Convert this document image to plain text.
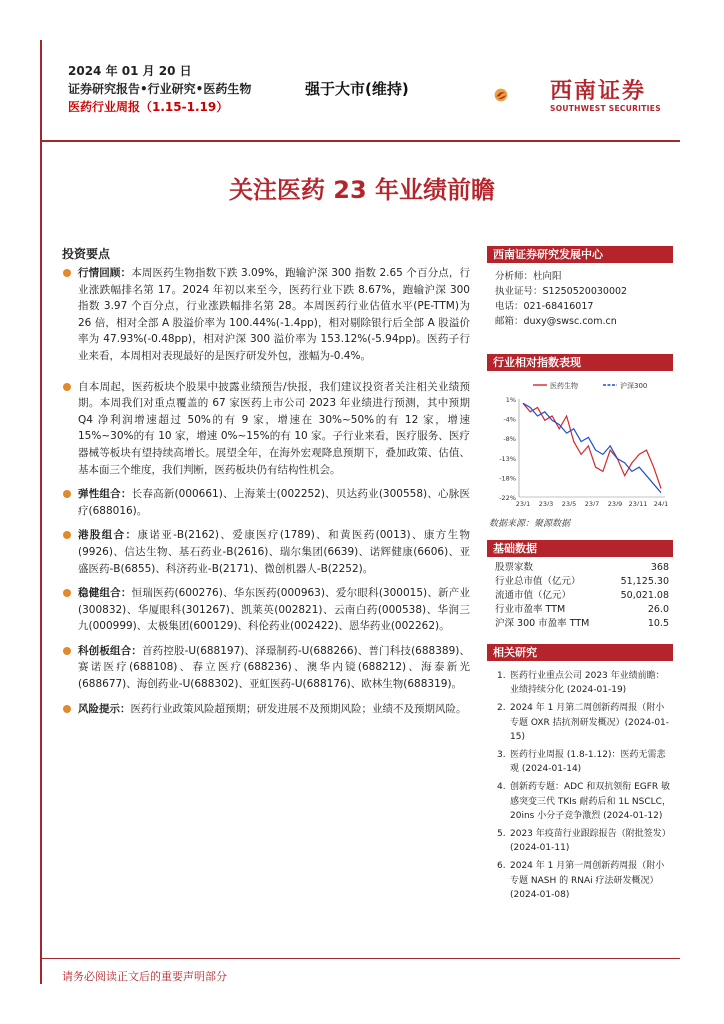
2024 年 01 月 20 日
证券研究报告•行业研究•医药生物
医药行业周报（1.15-1.19）
强于大市(维持)	西南证券
SOUTHWEST SECURITIES
关注医药 23 年业绩前瞻
投资要点
行情回顾：本周医药生物指数下跌 3.09%，跑输沪深 300 指数 2.65 个百分点，行业涨跌幅排名第 17。2024 年初以来至今，医药行业下跌 8.67%，跑输沪深 300 指数 3.97 个百分点，行业涨跌幅排名第 28。本周医药行业估值水平(PE-TTM)为 26 倍，相对全部 A 股溢价率为 100.44%(-1.4pp)，相对剔除银行后全部 A 股溢价率为 47.93%(-0.48pp)，相对沪深 300 溢价率为 153.12%(-5.94pp)。医药子行业来看，本周相对表现最好的是医疗研发外包，涨幅为-0.4%。
自本周起，医药板块个股果中披露业绩预告/快报，我们建议投资者关注相关业绩预期。本周我们对重点覆盖的 67 家医药上市公司 2023 年业绩进行预测，其中预期 Q4 净利润增速超过 50%的有 9 家，增速在 30%~50%的有 12 家，增速 15%~30%的有 10 家，增速 0%~15%的有 10 家。子行业来看，医疗服务、医疗器械等板块有望持续高增长。展望全年，在海外宏观降息预期下，叠加政策、估值、基本面三个维度，我们判断，医药板块仍有结构性机会。
弹性组合：长春高新(000661)、上海莱士(002252)、贝达药业(300558)、心脉医疗(688016)。
港股组合：康诺亚-B(2162)、爱康医疗(1789)、和黄医药(0013)、康方生物(9926)、信达生物、基石药业-B(2616)、瑞尔集团(6639)、诺辉健康(6606)、亚盛医药-B(6855)、科济药业-B(2171)、微创机器人-B(2252)。
稳健组合：恒瑞医药(600276)、华东医药(000963)、爱尔眼科(300015)、新产业(300832)、华厦眼科(301267)、凯莱英(002821)、云南白药(000538)、华润三九(000999)、太极集团(600129)、科伦药业(002422)、恩华药业(002262)。
科创板组合：首药控股-U(688197)、泽璟制药-U(688266)、普门科技(688389)、赛诺医疗(688108)、春立医疗(688236)、澳华内镜(688212)、海泰新光(688677)、海创药业-U(688302)、亚虹医药-U(688176)、欧林生物(688319)。
风险提示：医药行业政策风险超预期；研发进展不及预期风险；业绩不及预期风险。
西南证券研究发展中心
分析师：杜向阳
执业证号：S1250520030002
电话：021-68416017
邮箱：duxy@swsc.com.cn
行业相对指数表现
1%
-4%
-8%
-13%
-18%
-22%
23/1 23/3 23/5 23/7 23/9 23/11 24/1
医药生物	沪深300
数据来源：聚源数据
基础数据
股票家数	368
行业总市值（亿元）	51,125.30
流通市值（亿元）	50,021.08
行业市盈率 TTM	26.0
沪深 300 市盈率 TTM	10.5
相关研究
1. 医药行业重点公司 2023 年业绩前瞻：业绩持续分化 (2024-01-19)
2. 2024 年 1 月第二周创新药周报（附小专题 OXR 拮抗剂研发概况）(2024-01-15)
3. 医药行业周报 (1.8-1.12)：医药无需悲观 (2024-01-14)
4. 创新药专题：ADC 和双抗领衔 EGFR 敏感突变三代 TKIs 耐药后和 1L NSCLC，20ins 小分子竞争激烈 (2024-01-12)
5. 2023 年疫苗行业跟踪报告（附批签发）(2024-01-11)
6. 2024 年 1 月第一周创新药周报（附小专题 NASH 的 RNAi 疗法研发概况）(2024-01-08)
请务必阅读正文后的重要声明部分
